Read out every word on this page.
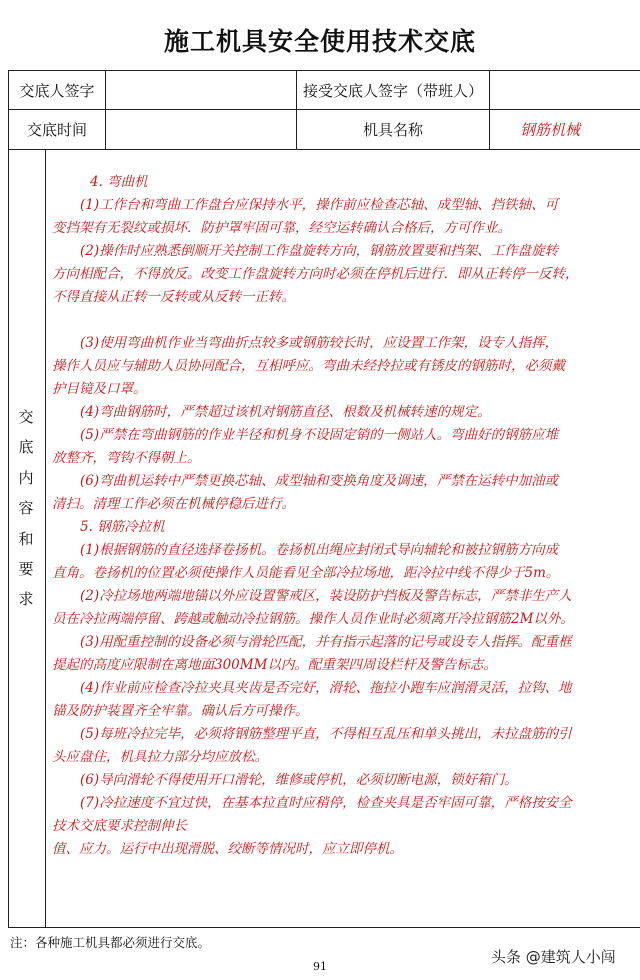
施工机具安全使用技术交底
交底人签字	接受交底人签字（带班人）
交底时间	机具名称	钢筋机械
交
底
内
容
和
要
求
4. 弯曲机
(1)工作台和弯曲工作盘台应保持水平，操作前应检查芯轴、成型轴、挡铁轴、可
变挡架有无裂纹或损坏．防护罩牢固可靠，经空运转确认合格后，方可作业。
(2)操作时应熟悉倒顺开关控制工作盘旋转方向，钢筋放置要和挡架、工作盘旋转
方向相配合，不得放反。改变工作盘旋转方向时必须在停机后进行．即从正转停一反转，
不得直接从正转一反转或从反转一正转。
(3)使用弯曲机作业当弯曲折点较多或钢筋较长时，应设置工作架，设专人指挥，
操作人员应与辅助人员协同配合，互相呼应。弯曲未经拎拉或有锈皮的钢筋时，必须戴
护目镜及口罩。
(4)弯曲钢筋时，严禁超过该机对钢筋直径、根数及机械转速的规定。
(5)严禁在弯曲钢筋的作业半径和机身不设固定销的一侧站人。弯曲好的钢筋应堆
放整齐，弯钩不得朝上。
(6)弯曲机运转中严禁更换芯轴、成型轴和变换角度及调速，严禁在运转中加油或
清扫。清理工作必须在机械停稳后进行。
5. 钢筋冷拉机
(1)根据钢筋的直径选择卷扬机。卷扬机出绳应封闭式导向辅轮和被拉钢筋方向成
直角。卷扬机的位置必须使操作人员能看见全部冷拉场地，距冷拉中线不得少于5m。
(2)冷拉场地两端地锚以外应设置警戒区，装设防护挡板及警告标志，严禁非生产人
员在冷拉两端停留、跨越或触动冷拉钢筋。操作人员作业时必须离开冷拉钢筋2M以外。
(3)用配重控制的设备必须与滑轮匹配，并有指示起落的记号或设专人指挥。配重框
提起的高度应限制在离地面300MM以内。配重架四周设栏杆及警告标志。
(4)作业前应检查冷拉夹具夹齿是否完好，滑轮、拖拉小跑车应润滑灵活，拉钩、地
锚及防护装置齐全牢靠。确认后方可操作。
(5)每班冷拉完毕，必须将钢筋整理平直，不得相互乱压和单头挑出，未拉盘筋的引
头应盘住，机具拉力部分均应放松。
(6)导向滑轮不得使用开口滑轮，维修或停机，必须切断电源，锁好箱门。
(7)冷拉速度不宜过快，在基本拉直时应稍停，检查夹具是否牢固可靠，严格按安全
技术交底要求控制伸长
值、应力。运行中出现滑脱、绞断等情况时，应立即停机。
注：各种施工机具都必须进行交底。
91
头条 @建筑人小闯
